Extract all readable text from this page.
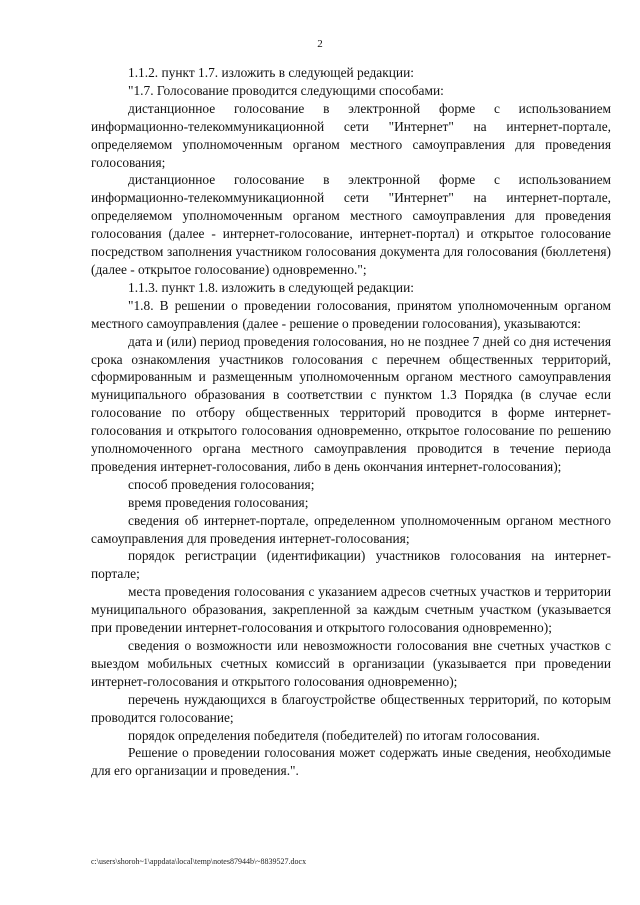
2

1.1.2. пункт 1.7. изложить в следующей редакции:

"1.7. Голосование проводится следующими способами:

дистанционное голосование в электронной форме с использованием информационно-телекоммуникационной сети "Интернет" на интернет-портале, определяемом уполномоченным органом местного самоуправления для проведения голосования;

дистанционное голосование в электронной форме с использованием информационно-телекоммуникационной сети "Интернет" на интернет-портале, определяемом уполномоченным органом местного самоуправления для проведения голосования (далее - интернет-голосование, интернет-портал) и открытое голосование посредством заполнения участником голосования документа для голосования (бюллетеня) (далее - открытое голосование) одновременно.";

1.1.3. пункт 1.8. изложить в следующей редакции:

"1.8. В решении о проведении голосования, принятом уполномоченным органом местного самоуправления (далее - решение о проведении голосования), указываются:

дата и (или) период проведения голосования, но не позднее 7 дней со дня истечения срока ознакомления участников голосования с перечнем общественных территорий, сформированным и размещенным уполномоченным органом местного самоуправления муниципального образования в соответствии с пунктом 1.3 Порядка (в случае если голосование по отбору общественных территорий проводится в форме интернет-голосования и открытого голосования одновременно, открытое голосование по решению уполномоченного органа местного самоуправления проводится в течение периода проведения интернет-голосования, либо в день окончания интернет-голосования);

способ проведения голосования;

время проведения голосования;

сведения об интернет-портале, определенном уполномоченным органом местного самоуправления для проведения интернет-голосования;

порядок регистрации (идентификации) участников голосования на интернет-портале;

места проведения голосования с указанием адресов счетных участков и территории муниципального образования, закрепленной за каждым счетным участком (указывается при проведении интернет-голосования и открытого голосования одновременно);

сведения о возможности или невозможности голосования вне счетных участков с выездом мобильных счетных комиссий в организации (указывается при проведении интернет-голосования и открытого голосования одновременно);

перечень нуждающихся в благоустройстве общественных территорий, по которым проводится голосование;

порядок определения победителя (победителей) по итогам голосования.

Решение о проведении голосования может содержать иные сведения, необходимые для его организации и проведения.".

c:\users\shoroh~1\appdata\local\temp\notes87944b\~8839527.docx
